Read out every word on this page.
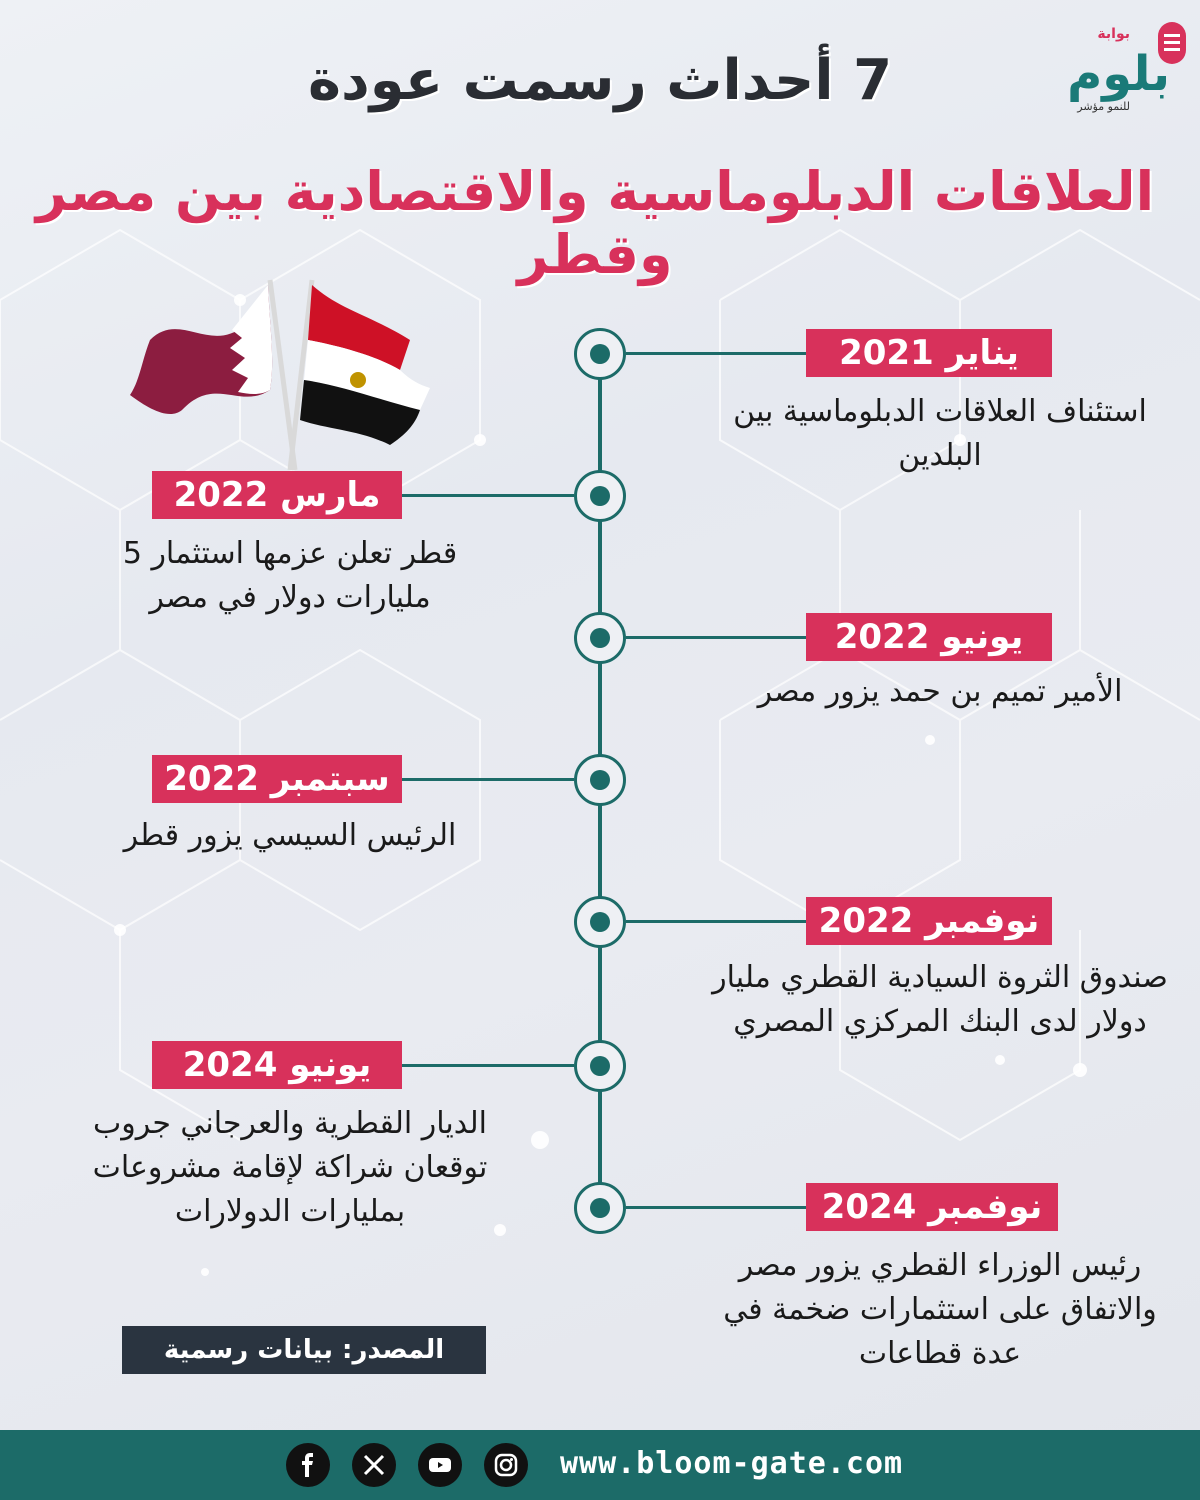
بوابة
بلوم
للنمو مؤشر
7 أحداث رسمت عودة
العلاقات الدبلوماسية والاقتصادية بين مصر وقطر
يناير 2021
استئناف العلاقات الدبلوماسية بين البلدين
مارس 2022
قطر تعلن عزمها استثمار 5 مليارات دولار في مصر
يونيو 2022
الأمير تميم بن حمد يزور مصر
سبتمبر 2022
الرئيس السيسي يزور قطر
نوفمبر 2022
صندوق الثروة السيادية القطري مليار دولار لدى البنك المركزي المصري
يونيو 2024
الديار القطرية والعرجاني جروب توقعان شراكة لإقامة مشروعات بمليارات الدولارات	نوفمبر 2024
رئيس الوزراء القطري يزور مصر والاتفاق على استثمارات ضخمة في عدة قطاعات
المصدر: بيانات رسمية
www.bloom-gate.com
